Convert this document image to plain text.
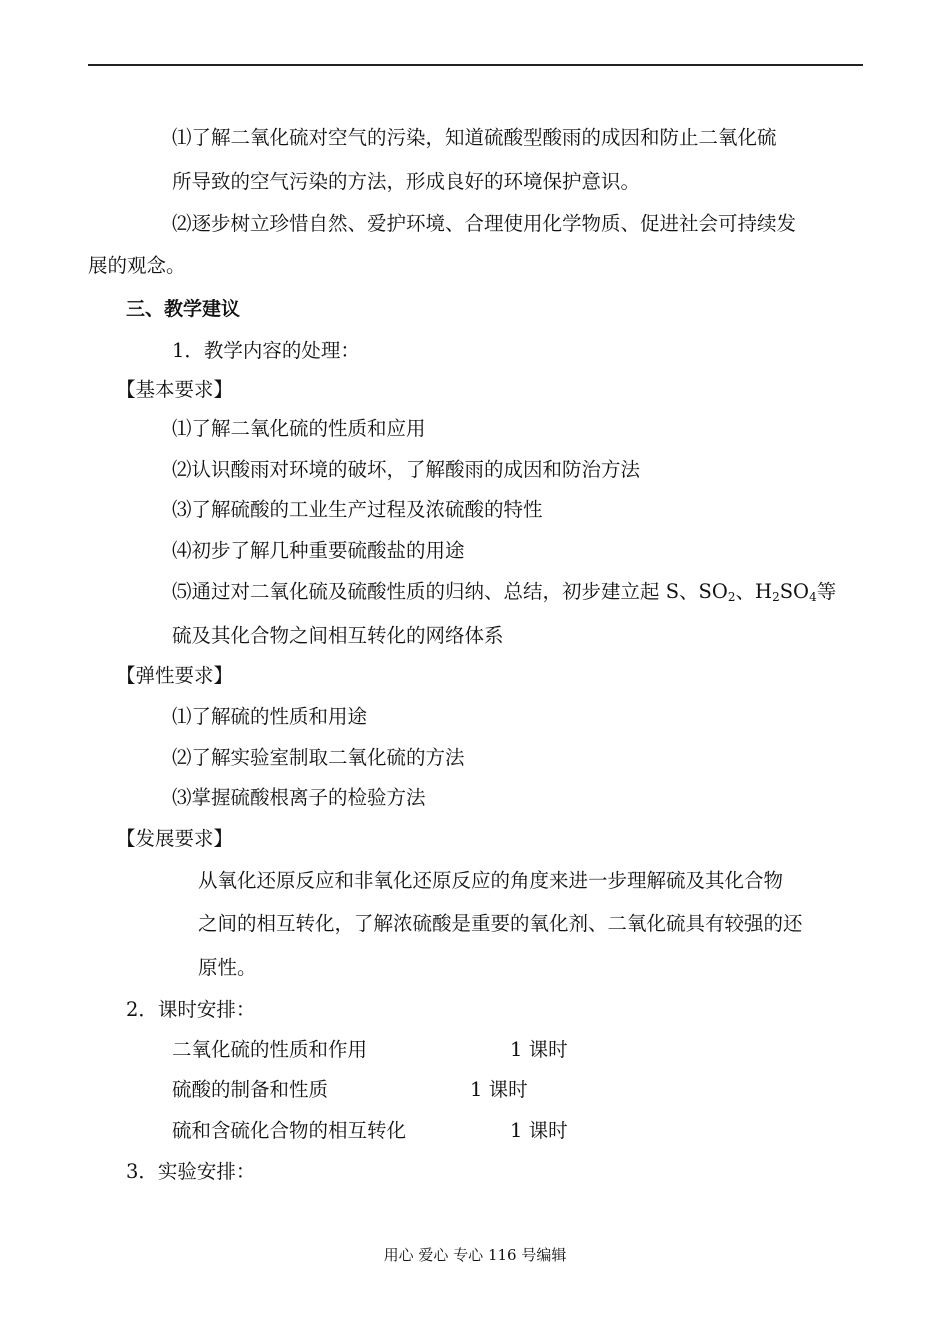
⑴了解二氧化硫对空气的污染，知道硫酸型酸雨的成因和防止二氧化硫
所导致的空气污染的方法，形成良好的环境保护意识。
⑵逐步树立珍惜自然、爱护环境、合理使用化学物质、促进社会可持续发
展的观念。
三、教学建议
1．教学内容的处理：
【基本要求】
⑴了解二氧化硫的性质和应用
⑵认识酸雨对环境的破坏，了解酸雨的成因和防治方法
⑶了解硫酸的工业生产过程及浓硫酸的特性
⑷初步了解几种重要硫酸盐的用途
⑸通过对二氧化硫及硫酸性质的归纳、总结，初步建立起 S、$SO_2$、$H_2SO_4$等
硫及其化合物之间相互转化的网络体系
【弹性要求】
⑴了解硫的性质和用途
⑵了解实验室制取二氧化硫的方法
⑶掌握硫酸根离子的检验方法
【发展要求】
从氧化还原反应和非氧化还原反应的角度来进一步理解硫及其化合物
之间的相互转化，了解浓硫酸是重要的氧化剂、二氧化硫具有较强的还
原性。
2．课时安排：
二氧化硫的性质和作用	1 课时
硫酸的制备和性质	1 课时
硫和含硫化合物的相互转化	1 课时
3．实验安排：
用心 爱心 专心 116 号编辑
